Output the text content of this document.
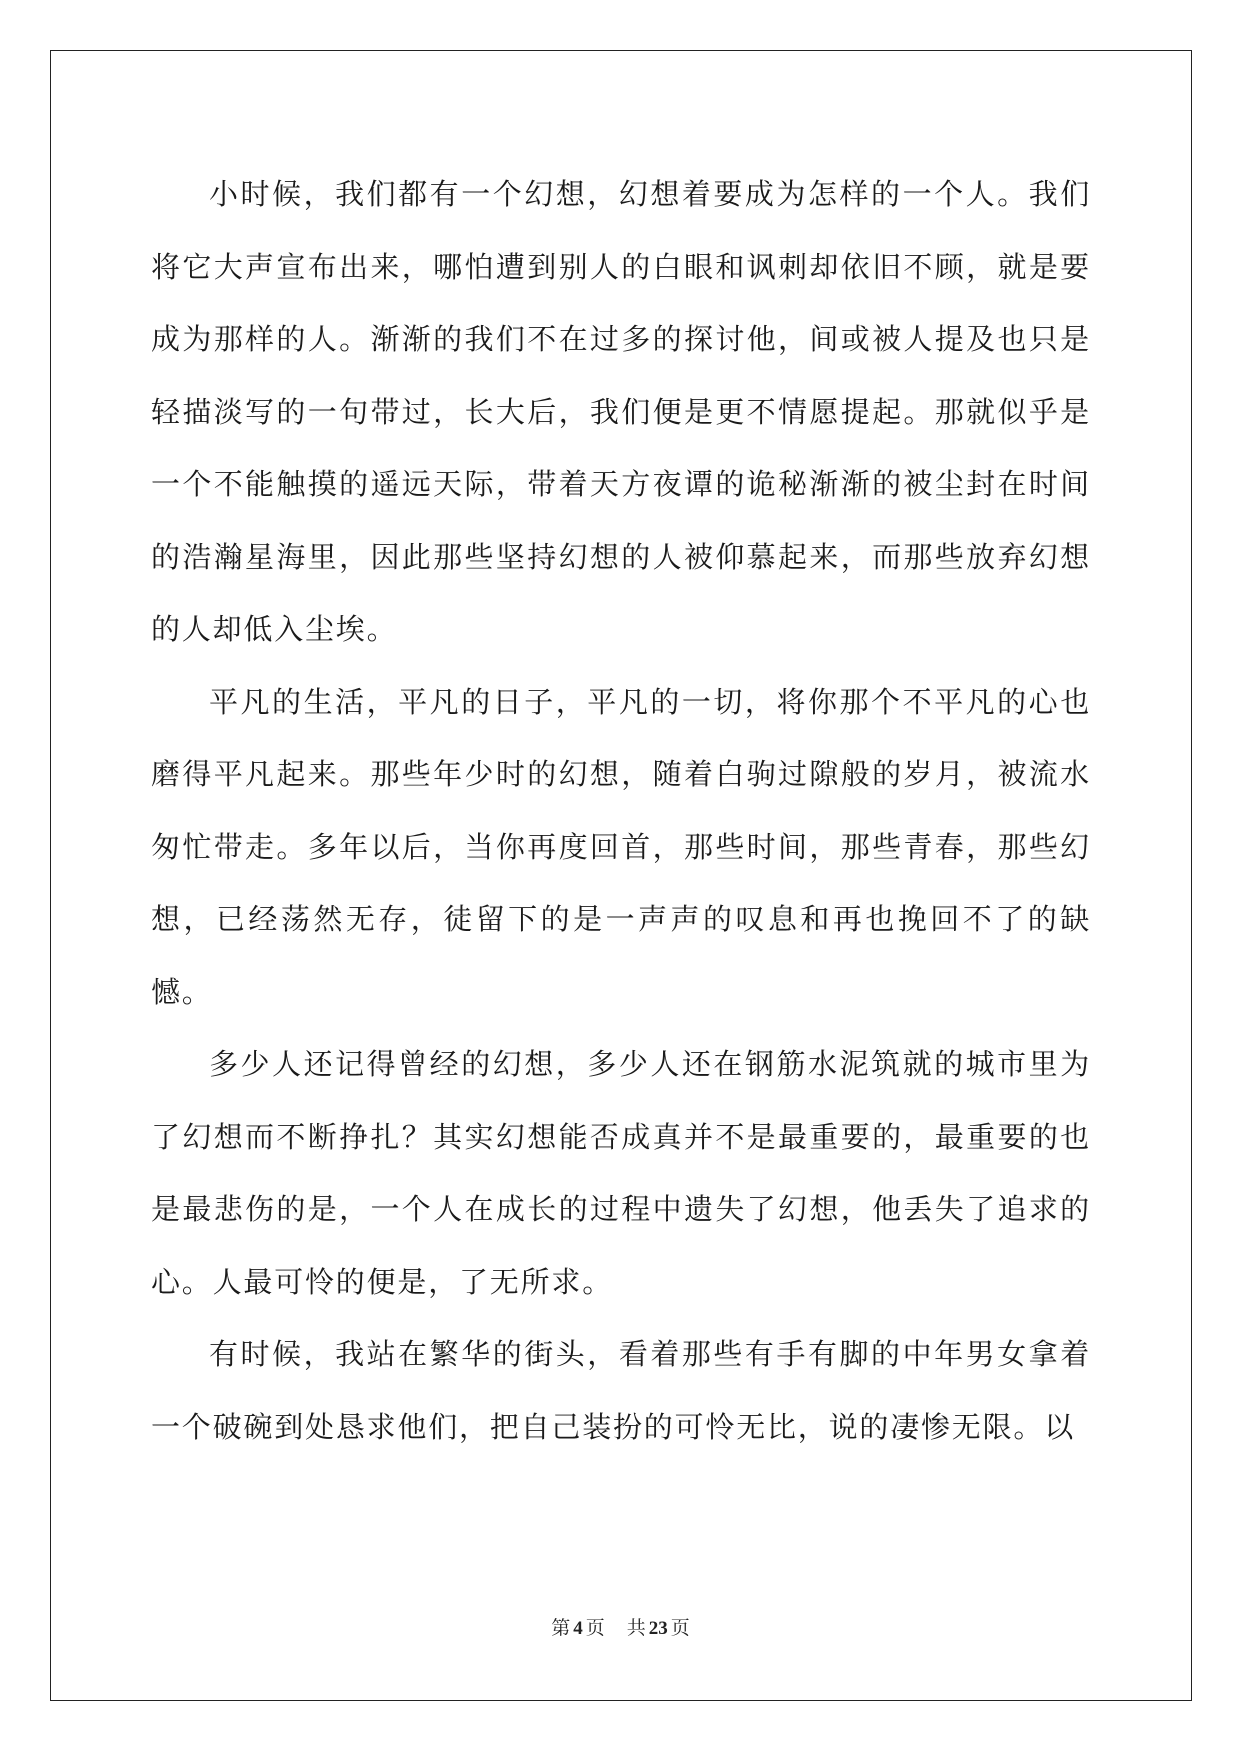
小时候，我们都有一个幻想，幻想着要成为怎样的一个人。我们将它大声宣布出来，哪怕遭到别人的白眼和讽刺却依旧不顾，就是要成为那样的人。渐渐的我们不在过多的探讨他，间或被人提及也只是轻描淡写的一句带过，长大后，我们便是更不情愿提起。那就似乎是一个不能触摸的遥远天际，带着天方夜谭的诡秘渐渐的被尘封在时间的浩瀚星海里，因此那些坚持幻想的人被仰慕起来，而那些放弃幻想的人却低入尘埃。

平凡的生活，平凡的日子，平凡的一切，将你那个不平凡的心也磨得平凡起来。那些年少时的幻想，随着白驹过隙般的岁月，被流水匆忙带走。多年以后，当你再度回首，那些时间，那些青春，那些幻想，已经荡然无存，徒留下的是一声声的叹息和再也挽回不了的缺憾。

多少人还记得曾经的幻想，多少人还在钢筋水泥筑就的城市里为了幻想而不断挣扎？其实幻想能否成真并不是最重要的，最重要的也是最悲伤的是，一个人在成长的过程中遗失了幻想，他丢失了追求的心。人最可怜的便是，了无所求。

有时候，我站在繁华的街头，看着那些有手有脚的中年男女拿着一个破碗到处恳求他们，把自己装扮的可怜无比，说的凄惨无限。以

第 4 页 共 23 页
